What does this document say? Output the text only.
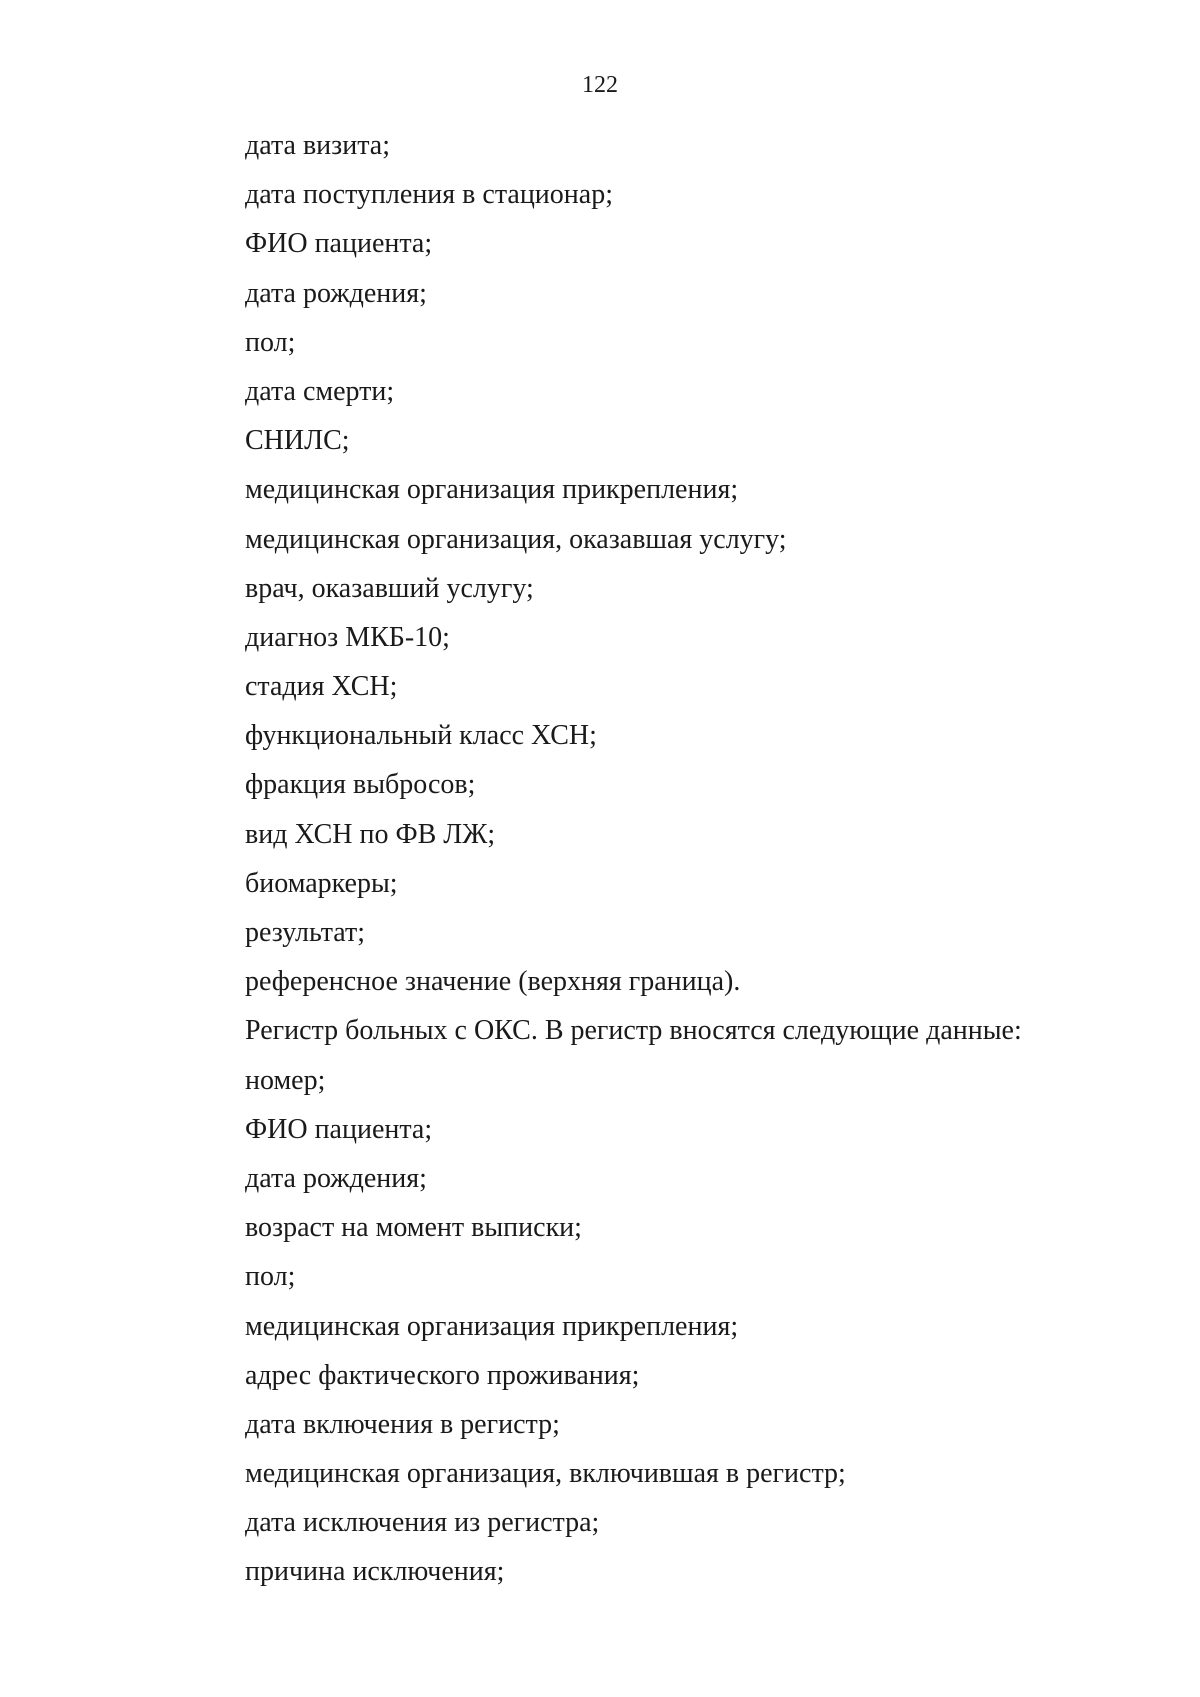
122
дата визита;
дата поступления в стационар;
ФИО пациента;
дата рождения;
пол;
дата смерти;
СНИЛС;
медицинская организация прикрепления;
медицинская организация, оказавшая услугу;
врач, оказавший услугу;
диагноз МКБ-10;
стадия ХСН;
функциональный класс ХСН;
фракция выбросов;
вид ХСН по ФВ ЛЖ;
биомаркеры;
результат;
референсное значение (верхняя граница).
Регистр больных с ОКС. В регистр вносятся следующие данные:
номер;
ФИО пациента;
дата рождения;
возраст на момент выписки;
пол;
медицинская организация прикрепления;
адрес фактического проживания;
дата включения в регистр;
медицинская организация, включившая в регистр;
дата исключения из регистра;
причина исключения;
